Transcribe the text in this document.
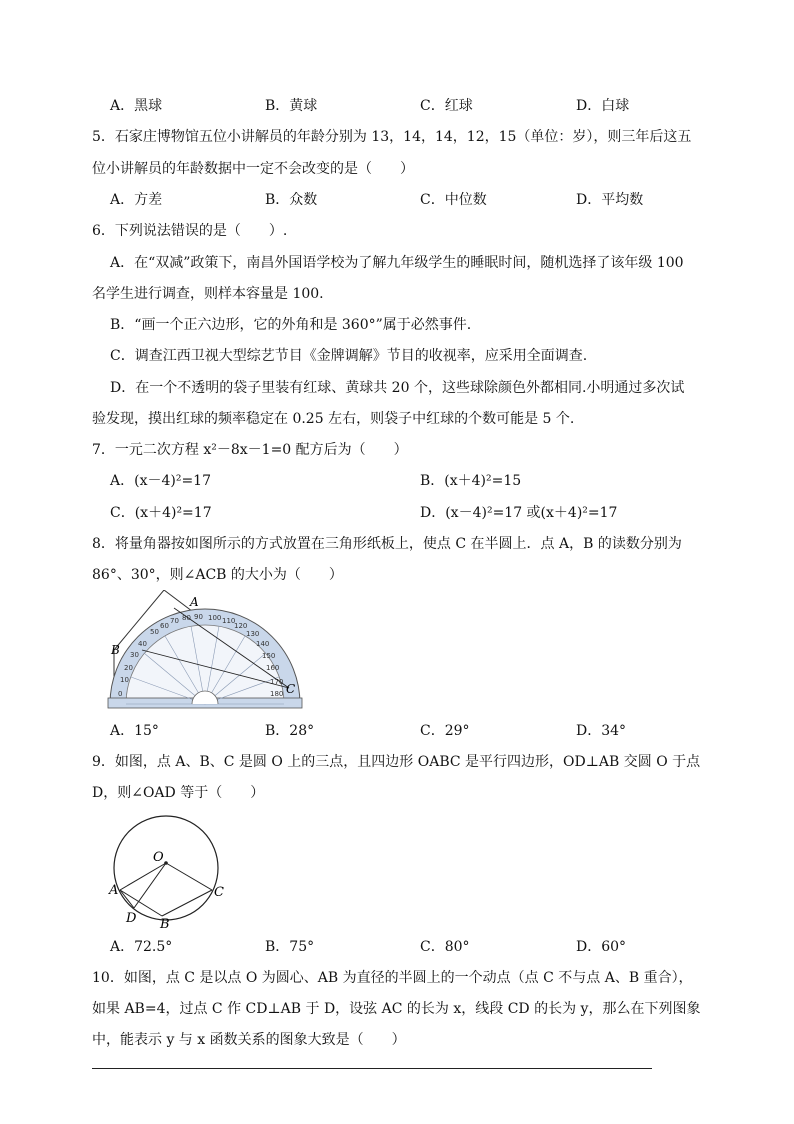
A．黑球	B．黄球	C．红球	D．白球
5．石家庄博物馆五位小讲解员的年龄分别为 13，14，14，12，15（单位：岁），则三年后这五
位小讲解员的年龄数据中一定不会改变的是（　　）
A．方差	B．众数	C．中位数	D．平均数
6．下列说法错误的是（　　）.
A．在“双减”政策下，南昌外国语学校为了解九年级学生的睡眠时间，随机选择了该年级 100
名学生进行调查，则样本容量是 100.
B．“画一个正六边形，它的外角和是 360°”属于必然事件.
C．调查江西卫视大型综艺节目《金牌调解》节目的收视率，应采用全面调查.
D．在一个不透明的袋子里装有红球、黄球共 20 个，这些球除颜色外都相同.小明通过多次试
验发现，摸出红球的频率稳定在 0.25 左右，则袋子中红球的个数可能是 5 个.
7．一元二次方程 x²－8x－1=0 配方后为（　　）
A．(x－4)²=17	B．(x＋4)²=15
C．(x＋4)²=17	D．(x－4)²=17 或(x＋4)²=17
8．将量角器按如图所示的方式放置在三角形纸板上，使点 C 在半圆上．点 A，B 的读数分别为
86°、30°，则∠ACB 的大小为（　　）
0
10
20
30
40
50
60
70 80 90 100 110
120
130
140
150
160
170
180
A
B
C
A．15°	B．28°	C．29°	D．34°
9．如图，点 A、B、C 是圆 O 上的三点，且四边形 OABC 是平行四边形，OD⊥AB 交圆 O 于点
D，则∠OAD 等于（　　）
O
A
D B
C
A．72.5°	B．75°	C．80°	D．60°
10．如图，点 C 是以点 O 为圆心、AB 为直径的半圆上的一个动点（点 C 不与点 A、B 重合），
如果 AB=4，过点 C 作 CD⊥AB 于 D，设弦 AC 的长为 x，线段 CD 的长为 y，那么在下列图象
中，能表示 y 与 x 函数关系的图象大致是（　　）
